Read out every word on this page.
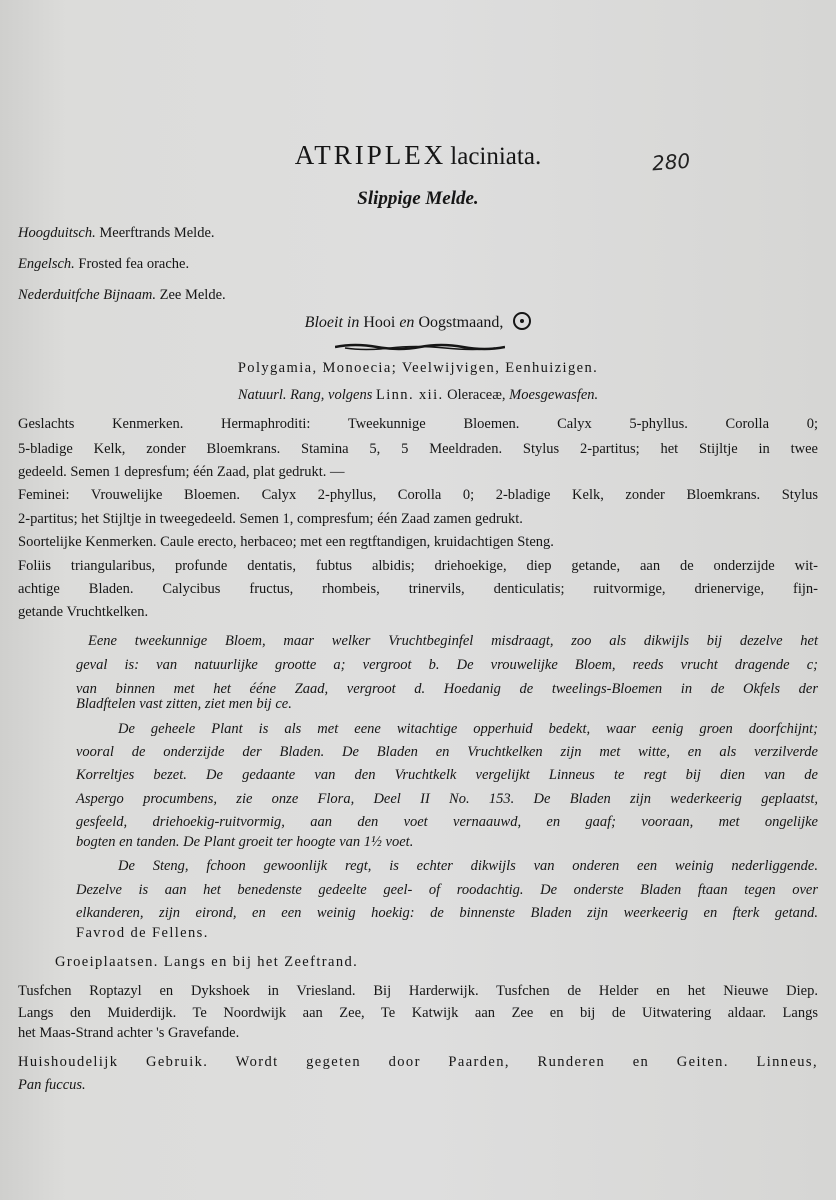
ATRIPLEX laciniata.	280
Slippige Melde.
Hoogduitsch. Meerftrands Melde.
Engelsch. Frosted fea orache.
Nederduitfche Bijnaam. Zee Melde.
Bloeit in Hooi en Oogstmaand,
Polygamia, Monoecia; Veelwijvigen, Eenhuizigen.
Natuurl. Rang, volgens Linn. xii. Oleraceæ, Moesgewasfen.
Geslachts Kenmerken. Hermaphroditi: Tweekunnige Bloemen. Calyx 5-phyllus. Corolla 0;
5-bladige Kelk, zonder Bloemkrans. Stamina 5, 5 Meeldraden. Stylus 2-partitus; het Stijltje in twee
gedeeld. Semen 1 depresfum; één Zaad, plat gedrukt. —
Feminei: Vrouwelijke Bloemen. Calyx 2-phyllus, Corolla 0; 2-bladige Kelk, zonder Bloemkrans. Stylus
2-partitus; het Stijltje in tweegedeeld. Semen 1, compresfum; één Zaad zamen gedrukt.
Soortelijke Kenmerken. Caule erecto, herbaceo; met een regtftandigen, kruidachtigen Steng.
Foliis triangularibus, profunde dentatis, fubtus albidis; driehoekige, diep getande, aan de onderzijde wit-
achtige Bladen. Calycibus fructus, rhombeis, trinervils, denticulatis; ruitvormige, drienervige, fijn-
getande Vruchtkelken.
Eene tweekunnige Bloem, maar welker Vruchtbeginfel misdraagt, zoo als dikwijls bij dezelve het
geval is: van natuurlijke grootte a; vergroot b. De vrouwelijke Bloem, reeds vrucht dragende c;
van binnen met het ééne Zaad, vergroot d. Hoedanig de tweelings-Bloemen in de Okfels der
Bladftelen vast zitten, ziet men bij ce.
De geheele Plant is als met eene witachtige opperhuid bedekt, waar eenig groen doorfchijnt;
vooral de onderzijde der Bladen. De Bladen en Vruchtkelken zijn met witte, en als verzilverde
Korreltjes bezet. De gedaante van den Vruchtkelk vergelijkt Linneus te regt bij dien van de
Aspergo procumbens, zie onze Flora, Deel II No. 153. De Bladen zijn wederkeerig geplaatst,
gesfeeld, driehoekig-ruitvormig, aan den voet vernaauwd, en gaaf; vooraan, met ongelijke
bogten en tanden. De Plant groeit ter hoogte van 1½ voet.
De Steng, fchoon gewoonlijk regt, is echter dikwijls van onderen een weinig nederliggende.
Dezelve is aan het benedenste gedeelte geel- of roodachtig. De onderste Bladen ftaan tegen over
elkanderen, zijn eirond, en een weinig hoekig: de binnenste Bladen zijn weerkeerig en fterk getand.
Favrod de Fellens.
Groeiplaatsen. Langs en bij het Zeeftrand.
Tusfchen Roptazyl en Dykshoek in Vriesland. Bij Harderwijk. Tusfchen de Helder en het Nieuwe Diep.
Langs den Muiderdijk. Te Noordwijk aan Zee, Te Katwijk aan Zee en bij de Uitwatering aldaar. Langs
het Maas-Strand achter 's Gravefande.
Huishoudelijk Gebruik. Wordt gegeten door Paarden, Runderen en Geiten. Linneus,
Pan fuccus.
